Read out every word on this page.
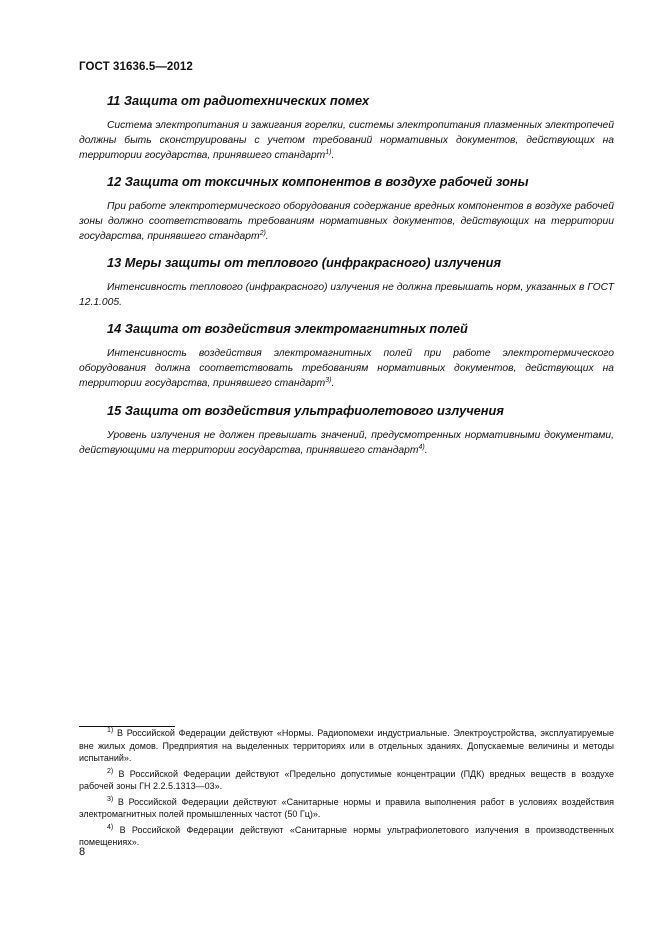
ГОСТ 31636.5—2012
11 Защита от радиотехнических помех

Система электропитания и зажигания горелки, системы электропитания плазменных электропечей должны быть сконструированы с учетом требований нормативных документов, действующих на территории государства, принявшего стандарт$^{1)}$.

12 Защита от токсичных компонентов в воздухе рабочей зоны

При работе электротермического оборудования содержание вредных компонентов в воздухе рабочей зоны должно соответствовать требованиям нормативных документов, действующих на территории государства, принявшего стандарт$^{2)}$.

13 Меры защиты от теплового (инфракрасного) излучения

Интенсивность теплового (инфракрасного) излучения не должна превышать норм, указанных в ГОСТ 12.1.005.

14 Защита от воздействия электромагнитных полей

Интенсивность воздействия электромагнитных полей при работе электротермического оборудования должна соответствовать требованиям нормативных документов, действующих на территории государства, принявшего стандарт$^{3)}$.

15 Защита от воздействия ультрафиолетового излучения

Уровень излучения не должен превышать значений, предусмотренных нормативными документами, действующими на территории государства, принявшего стандарт$^{4)}$.

$^{1)}$ В Российской Федерации действуют «Нормы. Радиопомехи индустриальные. Электроустройства, эксплуатируемые вне жилых домов. Предприятия на выделенных территориях или в отдельных зданиях. Допускаемые величины и методы испытаний».

$^{2)}$ В Российской Федерации действуют «Предельно допустимые концентрации (ПДК) вредных веществ в воздухе рабочей зоны ГН 2.2.5.1313—03».

$^{3)}$ В Российской Федерации действуют «Санитарные нормы и правила выполнения работ в условиях воздействия электромагнитных полей промышленных частот (50 Гц)».

$^{4)}$ В Российской Федерации действуют «Санитарные нормы ультрафиолетового излучения в производственных помещениях».

8
